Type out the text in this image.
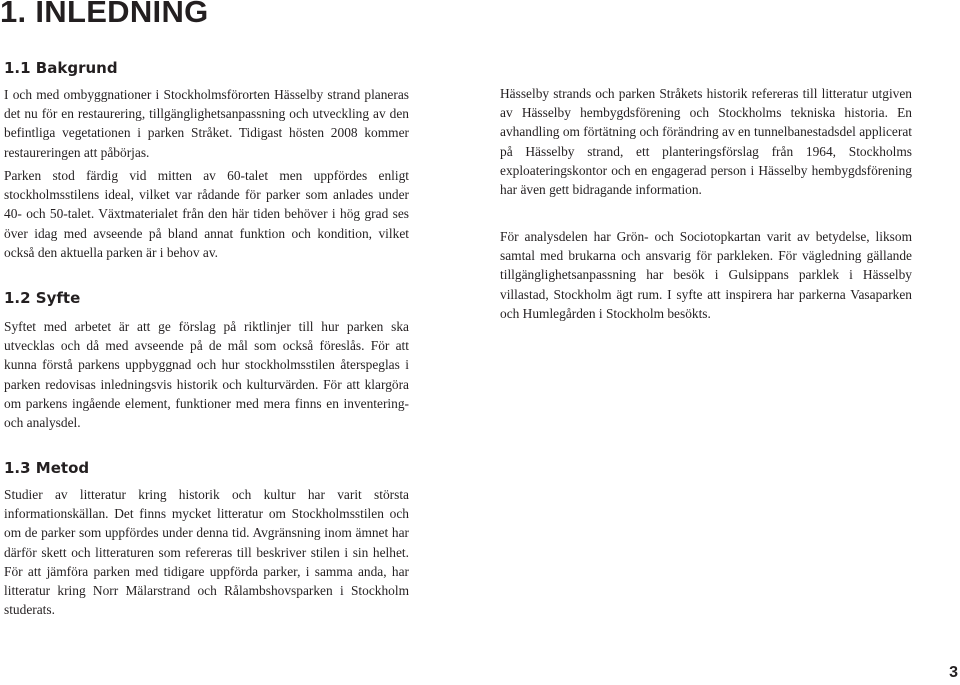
1. INLEDNING
1.1 Bakgrund

I och med ombyggnationer i Stockholmsförorten Hässelby strand planeras det nu för en restaurering, tillgänglighetsanpassning och utveckling av den befintliga vegetationen i parken Stråket. Tidigast hösten 2008 kommer restaureringen att påbörjas.

Parken stod färdig vid mitten av 60-talet men uppfördes enligt stockholmsstilens ideal, vilket var rådande för parker som anlades under 40- och 50-talet. Växtmaterialet från den här tiden behöver i hög grad ses över idag med avseende på bland annat funktion och kondition, vilket också den aktuella parken är i behov av.

1.2 Syfte

Syftet med arbetet är att ge förslag på riktlinjer till hur parken ska utvecklas och då med avseende på de mål som också föreslås. För att kunna förstå parkens uppbyggnad och hur stockholmsstilen återspeglas i parken redovisas inledningsvis historik och kulturvärden. För att klargöra om parkens ingående element, funktioner med mera finns en inventering- och analysdel.

1.3 Metod

Studier av litteratur kring historik och kultur har varit största informationskällan. Det finns mycket litteratur om Stockholmsstilen och om de parker som uppfördes under denna tid. Avgränsning inom ämnet har därför skett och litteraturen som refereras till beskriver stilen i sin helhet. För att jämföra parken med tidigare uppförda parker, i samma anda, har litteratur kring Norr Mälarstrand och Rålambshovsparken i Stockholm studerats.

Hässelby strands och parken Stråkets historik refereras till litteratur utgiven av Hässelby hembygdsförening och Stockholms tekniska historia. En avhandling om förtätning och förändring av en tunnelbanestadsdel applicerat på Hässelby strand, ett planteringsförslag från 1964, Stockholms exploateringskontor och en engagerad person i Hässelby hembygdsförening har även gett bidragande information.

För analysdelen har Grön- och Sociotopkartan varit av betydelse, liksom samtal med brukarna och ansvarig för parkleken. För vägledning gällande tillgänglighetsanpassning har besök i Gulsippans parklek i Hässelby villastad, Stockholm ägt rum. I syfte att inspirera har parkerna Vasaparken och Humlegården i Stockholm besökts.

3
